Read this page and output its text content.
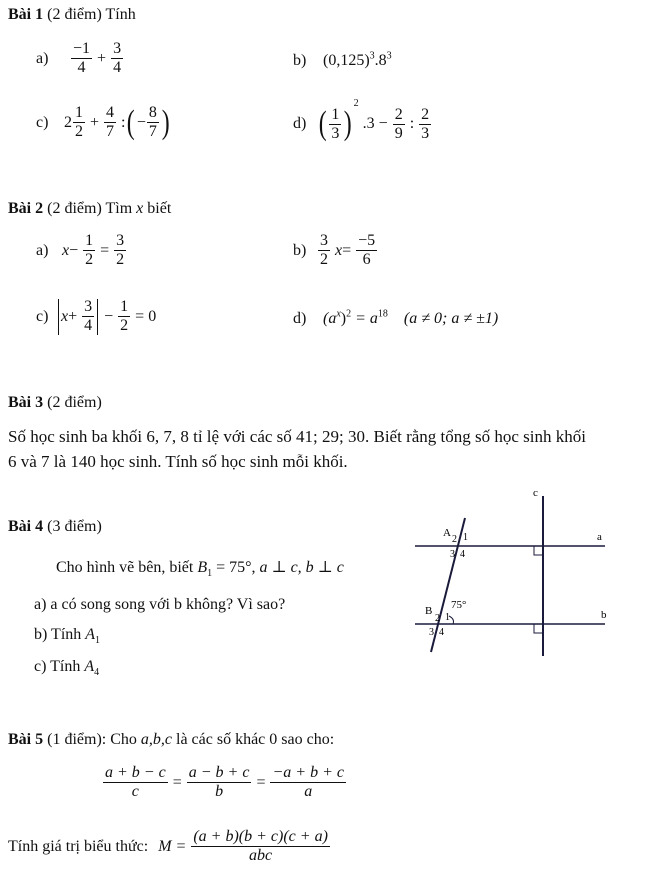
Bài 1 (2 điểm) Tính
$a) \frac{-1}{4} + \frac{3}{4}$	b) $(0,125)^3.8^3$
c) $2 \frac{1}{2} + \frac{4}{7}$ :( − $\frac{8}{7}$ )	d) ( $\frac{1}{3} )^2$ $.3 - \frac{2}{9}$ : $\frac{2}{3}$
Bài 2 (2 điểm) Tìm x biết
a) $x- \frac{1}{2} = \frac{3}{2}$	$b) \frac{3}{2} x= \frac{-5}{6}$
c) $x+ \frac{3}{4} - \frac{1}{2} = 0$	d) $(a^x)^2 = a^{18}$ (a ≠ 0; a ≠ ±1)
Bài 3 (2 điểm)
Số học sinh ba khối 6, 7, 8 tỉ lệ với các số 41; 29; 30. Biết rằng tổng số học sinh khối
6 và 7 là 140 học sinh. Tính số học sinh mỗi khối.
Bài 4 (3 điểm)
Cho hình vẽ bên, biết $B_1 = 75^\circ$, a ⊥ c, b ⊥ c
a) a có song song với b không? Vì sao?
b) Tính $A_1$
c) Tính $A_4$
c
a
b
A
2 1
3 4
B
2 1
3 4
75°
Bài 5 (1 điểm): Cho a,b,c là các số khác 0 sao cho:
$\frac{a + b - c}{c} = \frac{a - b + c}{b} = \frac{-a + b + c}{a}$
Tính giá trị biểu thức: $M = \frac{(a + b)(b + c)(c + a)}{\text{abc}}$
